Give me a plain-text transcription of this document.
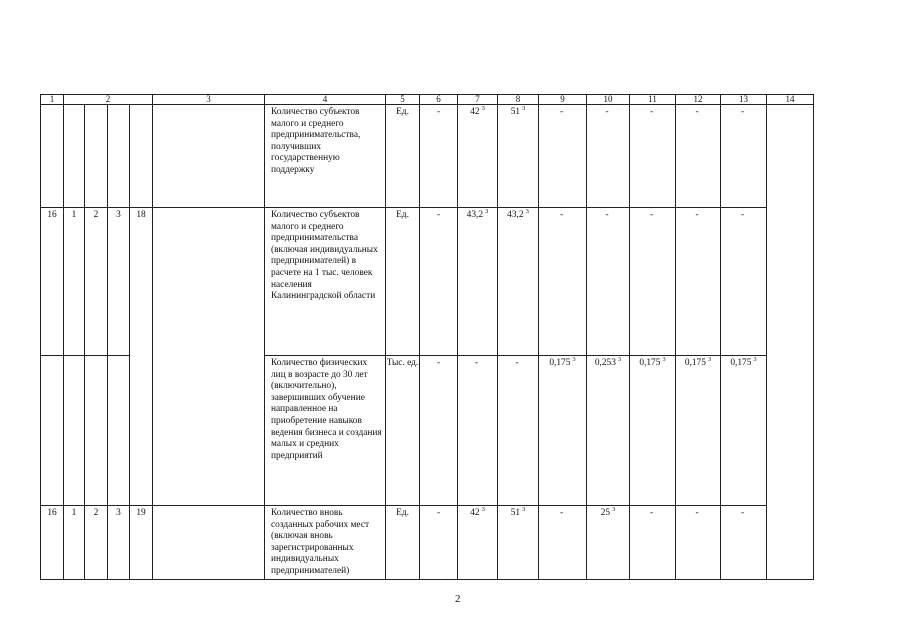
1	2				3	4	5	6	7	8	9	10	11	12	13	14
						Количество субъектов малого и среднего предпринимательства, получивших государственную поддержку	Ед.	-	42 $^3$	51 $^3$	-	-	-	-	-	
16	1	2	3	18		Количество субъектов малого и среднего предпринимательства (включая индивидуальных предпринимателей) в расчете на 1 тыс. человек населения Калининградской области	Ед.	-	43,2 $^3$	43,2 $^3$	-	-	-	-	-	
						Количество физических лиц в возрасте до 30 лет (включительно), завершивших обучение направленное на приобретение навыков ведения бизнеса и создания малых и средних предприятий	Тыс. ед.	-	-	-	0,175 $^3$	0,253 $^3$	0,175 $^3$	0,175 $^3$	0,175 $^3$
16	1	2	3	19		Количество вновь созданных рабочих мест (включая вновь зарегистрированных индивидуальных предпринимателей)	Ед.	-	42 $^3$	51 $^3$	-	25 $^3$	-	-	-	
'
2
